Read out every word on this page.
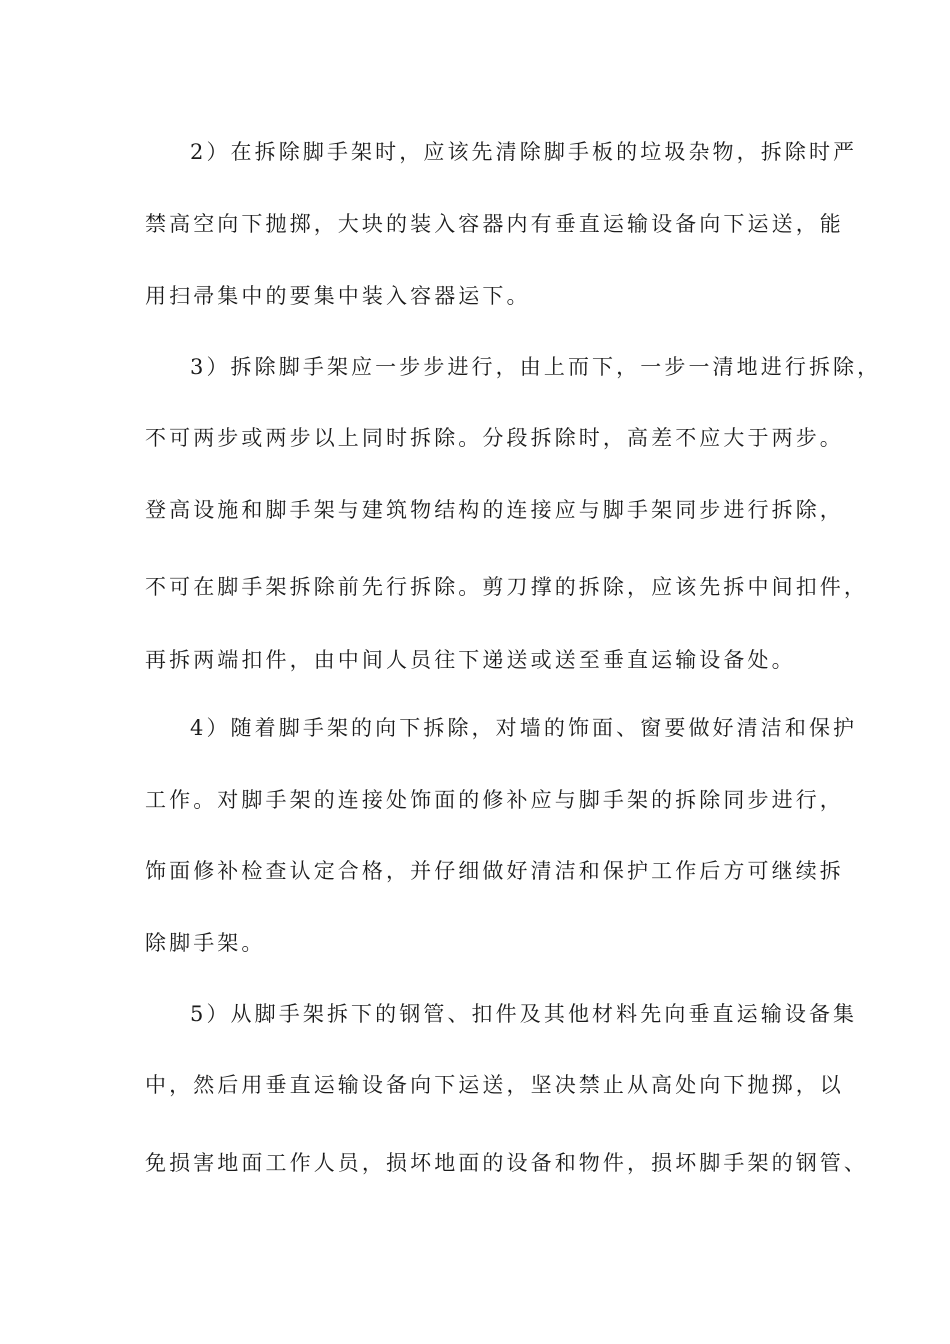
2）在拆除脚手架时，应该先清除脚手板的垃圾杂物，拆除时严
禁高空向下抛掷，大块的装入容器内有垂直运输设备向下运送，能
用扫帚集中的要集中装入容器运下。
3）拆除脚手架应一步步进行，由上而下，一步一清地进行拆除，
不可两步或两步以上同时拆除。分段拆除时，高差不应大于两步。
登高设施和脚手架与建筑物结构的连接应与脚手架同步进行拆除，
不可在脚手架拆除前先行拆除。剪刀撑的拆除，应该先拆中间扣件，
再拆两端扣件，由中间人员往下递送或送至垂直运输设备处。
4）随着脚手架的向下拆除，对墙的饰面、窗要做好清洁和保护
工作。对脚手架的连接处饰面的修补应与脚手架的拆除同步进行，
饰面修补检查认定合格，并仔细做好清洁和保护工作后方可继续拆
除脚手架。
5）从脚手架拆下的钢管、扣件及其他材料先向垂直运输设备集
中，然后用垂直运输设备向下运送，坚决禁止从高处向下抛掷，以
免损害地面工作人员，损坏地面的设备和物件，损坏脚手架的钢管、
